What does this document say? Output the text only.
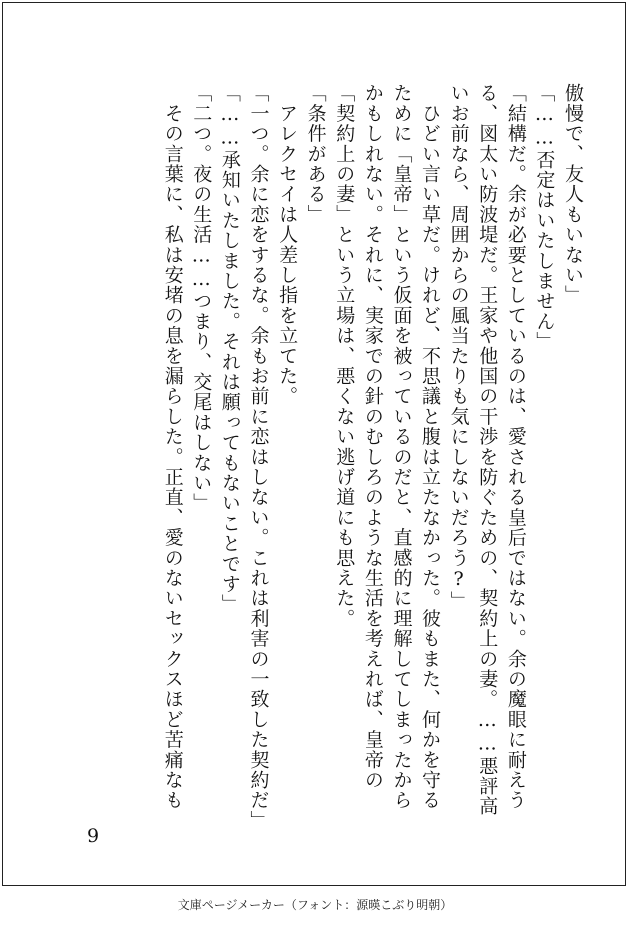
傲慢で、友人もいない」

「……否定はいたしません」

「結構だ。余が必要としているのは、愛される皇后ではない。余の魔眼に耐えう

る、図太い防波堤だ。王家や他国の干渉を防ぐための、契約上の妻。……悪評高

いお前なら、周囲からの風当たりも気にしないだろう?」

　ひどい言い草だ。けれど、不思議と腹は立たなかった。彼もまた、何かを守る

ために「皇帝」という仮面を被っているのだと、直感的に理解してしまったから

かもしれない。それに、実家での針のむしろのような生活を考えれば、皇帝の

「契約上の妻」という立場は、悪くない逃げ道にも思えた。

「条件がある」

　アレクセイは人差し指を立てた。

「一つ。余に恋をするな。余もお前に恋はしない。これは利害の一致した契約だ」

「……承知いたしました。それは願ってもないことです」

「二つ。夜の生活……つまり、交尾はしない」

　その言葉に、私は安堵の息を漏らした。正直、愛のないセックスほど苦痛なも

9
文庫ページメーカー（フォント：源暎こぶり明朝）
